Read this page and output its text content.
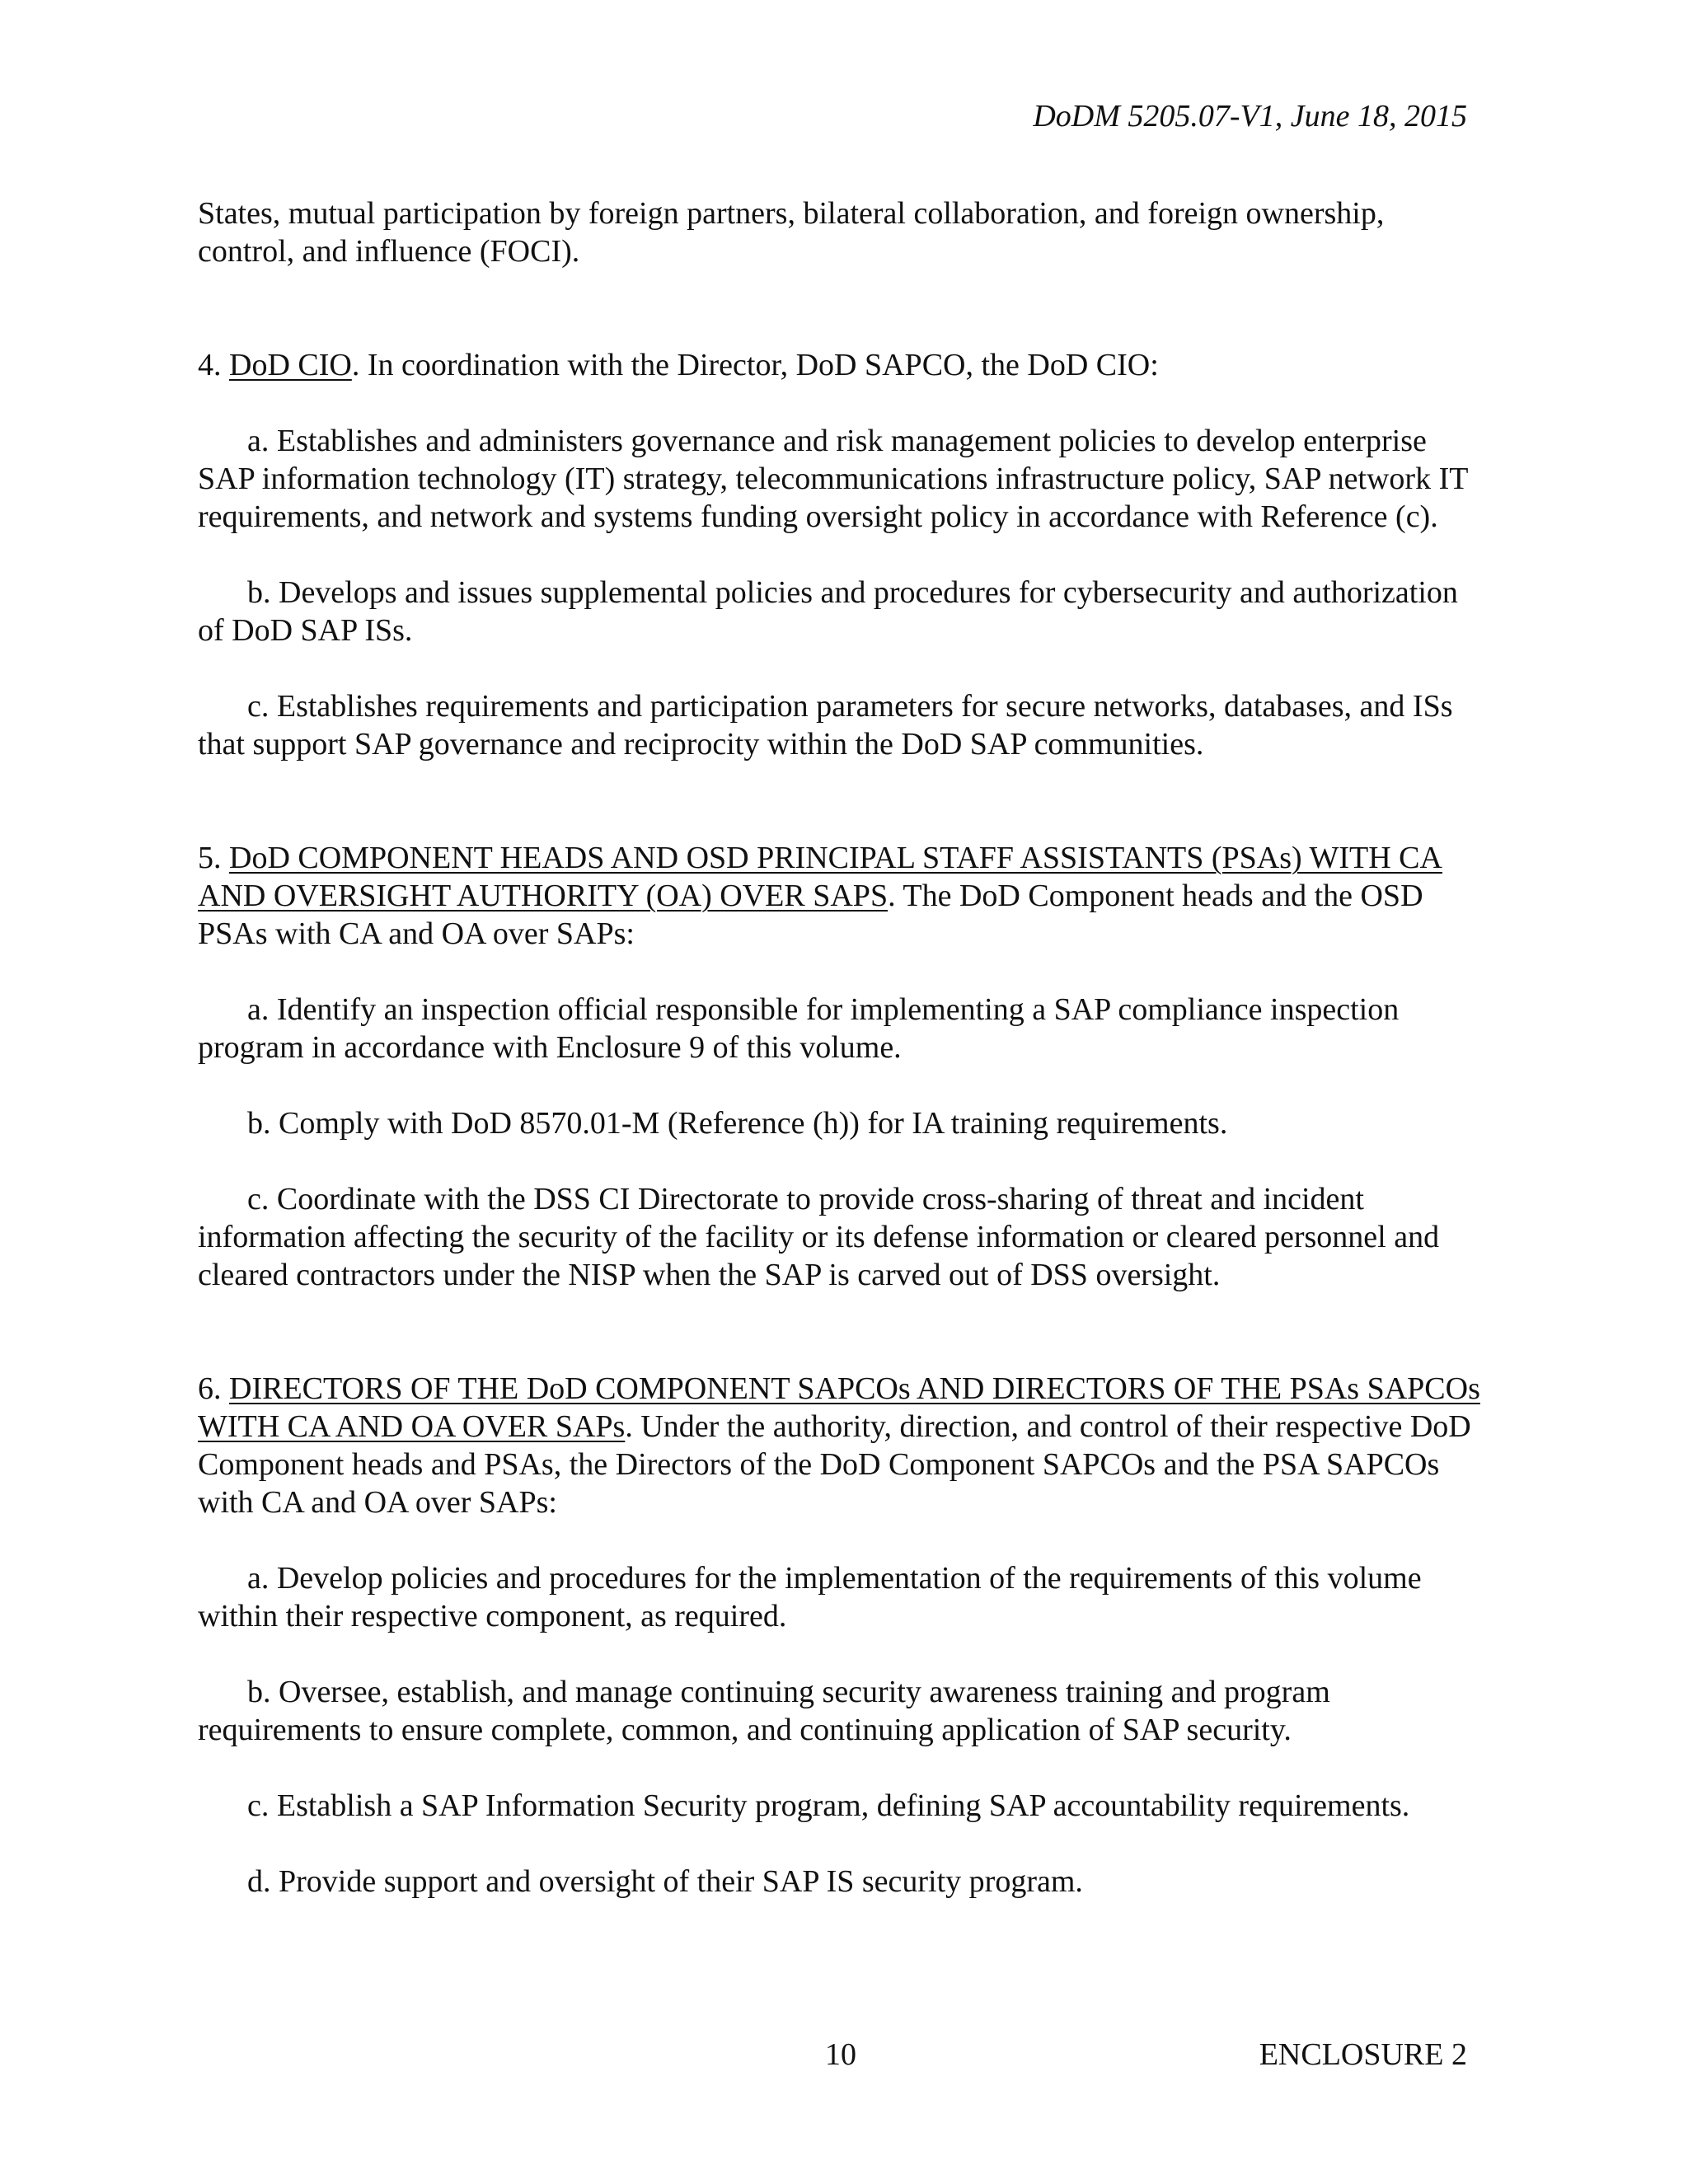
DoDM 5205.07-V1, June 18, 2015

States, mutual participation by foreign partners, bilateral collaboration, and foreign ownership, control, and influence (FOCI).

4. DoD CIO. In coordination with the Director, DoD SAPCO, the DoD CIO:

a. Establishes and administers governance and risk management policies to develop enterprise SAP information technology (IT) strategy, telecommunications infrastructure policy, SAP network IT requirements, and network and systems funding oversight policy in accordance with Reference (c).

b. Develops and issues supplemental policies and procedures for cybersecurity and authorization of DoD SAP ISs.

c. Establishes requirements and participation parameters for secure networks, databases, and ISs that support SAP governance and reciprocity within the DoD SAP communities.

5. DoD COMPONENT HEADS AND OSD PRINCIPAL STAFF ASSISTANTS (PSAs) WITH CA AND OVERSIGHT AUTHORITY (OA) OVER SAPS. The DoD Component heads and the OSD PSAs with CA and OA over SAPs:

a. Identify an inspection official responsible for implementing a SAP compliance inspection program in accordance with Enclosure 9 of this volume.

b. Comply with DoD 8570.01-M (Reference (h)) for IA training requirements.

c. Coordinate with the DSS CI Directorate to provide cross-sharing of threat and incident information affecting the security of the facility or its defense information or cleared personnel and cleared contractors under the NISP when the SAP is carved out of DSS oversight.

6. DIRECTORS OF THE DoD COMPONENT SAPCOs AND DIRECTORS OF THE PSAs SAPCOs WITH CA AND OA OVER SAPs. Under the authority, direction, and control of their respective DoD Component heads and PSAs, the Directors of the DoD Component SAPCOs and the PSA SAPCOs with CA and OA over SAPs:

a. Develop policies and procedures for the implementation of the requirements of this volume within their respective component, as required.

b. Oversee, establish, and manage continuing security awareness training and program requirements to ensure complete, common, and continuing application of SAP security.

c. Establish a SAP Information Security program, defining SAP accountability requirements.

d. Provide support and oversight of their SAP IS security program.

10	ENCLOSURE 2
